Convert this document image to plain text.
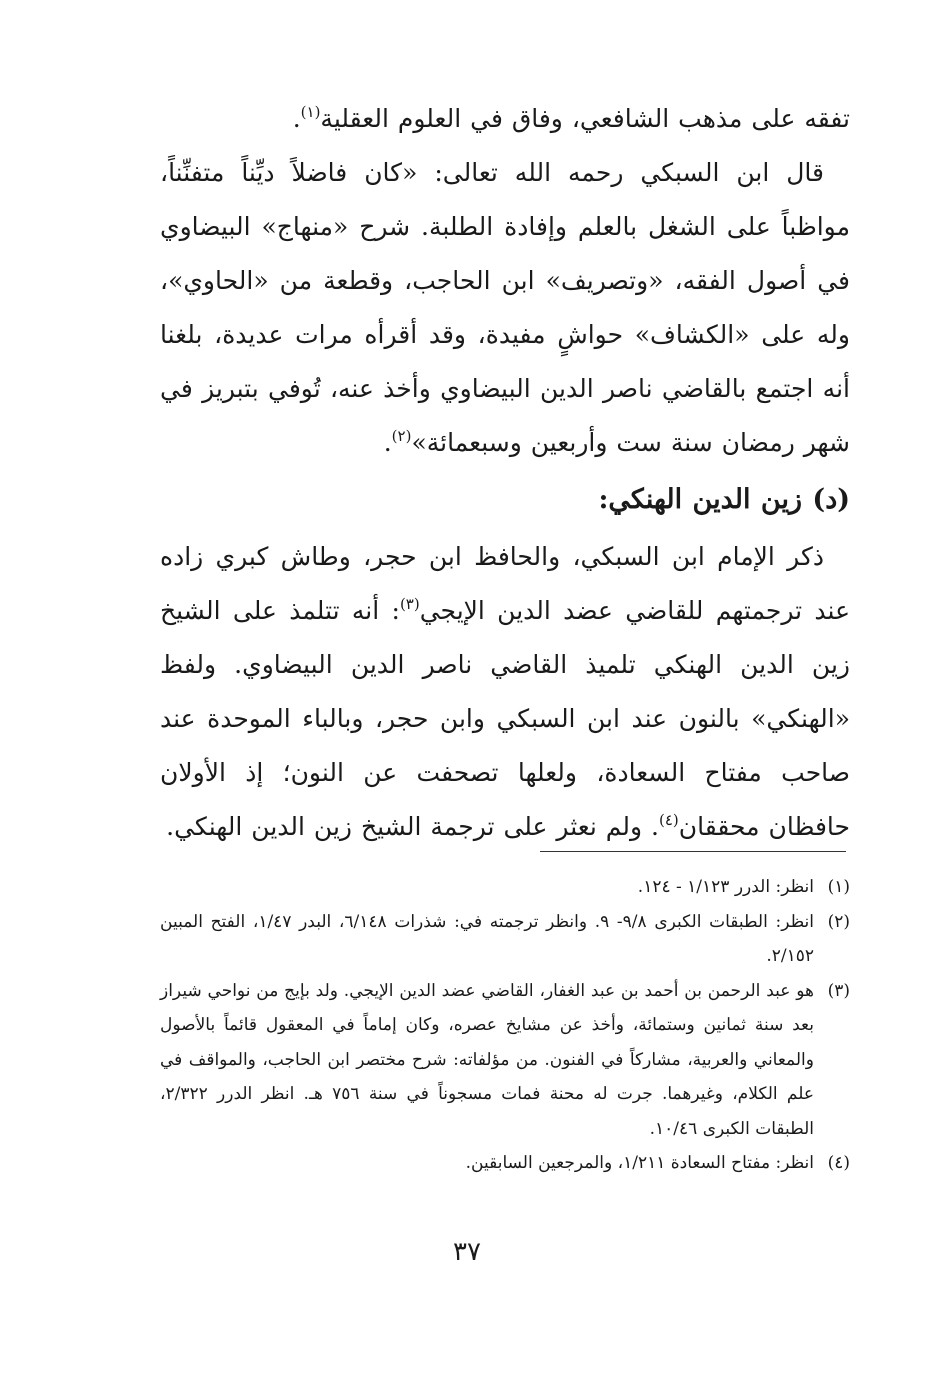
تفقه على مذهب الشافعي، وفاق في العلوم العقلية$^{(١)}$.

قال ابن السبكي رحمه الله تعالى: «كان فاضلاً ديِّناً متفنِّناً، مواظباً على الشغل بالعلم وإفادة الطلبة. شرح «منهاج» البيضاوي في أصول الفقه، «وتصريف» ابن الحاجب، وقطعة من «الحاوي»، وله على «الكشاف» حواشٍ مفيدة، وقد أقرأه مرات عديدة، بلغنا أنه اجتمع بالقاضي ناصر الدين البيضاوي وأخذ عنه، تُوفي بتبريز في شهر رمضان سنة ست وأربعين وسبعمائة»$^{(٢)}$.

(د) زين الدين الهنكي:

ذكر الإمام ابن السبكي، والحافظ ابن حجر، وطاش كبري زاده عند ترجمتهم للقاضي عضد الدين الإيجي$^{(٣)}$: أنه تتلمذ على الشيخ زين الدين الهنكي تلميذ القاضي ناصر الدين البيضاوي. ولفظ «الهنكي» بالنون عند ابن السبكي وابن حجر، وبالباء الموحدة عند صاحب مفتاح السعادة، ولعلها تصحفت عن النون؛ إذ الأولان حافظان محققان$^{(٤)}$. ولم نعثر على ترجمة الشيخ زين الدين الهنكي.

(١)
انظر: الدرر ١/١٢٣ - ١٢٤.
(٢)
انظر: الطبقات الكبرى ٩/٨- ٩. وانظر ترجمته في: شذرات ٦/١٤٨، البدر ١/٤٧، الفتح المبين ٢/١٥٢.
(٣)
هو عبد الرحمن بن أحمد بن عبد الغفار، القاضي عضد الدين الإيجي. ولد بإيج من نواحي شيراز بعد سنة ثمانين وستمائة، وأخذ عن مشايخ عصره، وكان إماماً في المعقول قائماً بالأصول والمعاني والعربية، مشاركاً في الفنون. من مؤلفاته: شرح مختصر ابن الحاجب، والمواقف في علم الكلام، وغيرهما. جرت له محنة فمات مسجوناً في سنة ٧٥٦ هـ. انظر الدرر ٢/٣٢٢، الطبقات الكبرى ١٠/٤٦.
(٤)
انظر: مفتاح السعادة ١/٢١١، والمرجعين السابقين.
٣٧
